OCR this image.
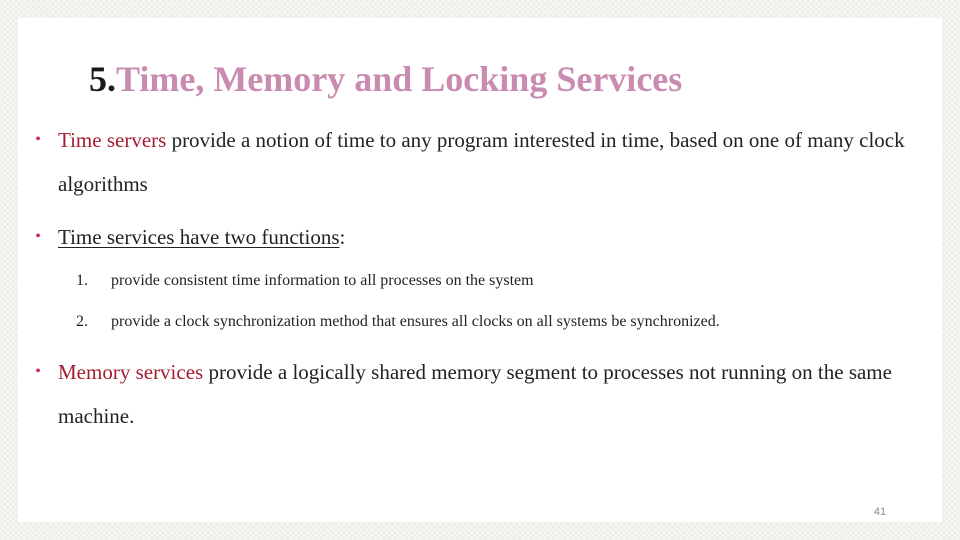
5.Time, Memory and Locking Services
• Time servers provide a notion of time to any program interested in time, based on one of many clock algorithms
• Time services have two functions:
1. provide consistent time information to all processes on the system
2. provide a clock synchronization method that ensures all clocks on all systems be synchronized.
• Memory services provide a logically shared memory segment to processes not running on the same machine.
41
